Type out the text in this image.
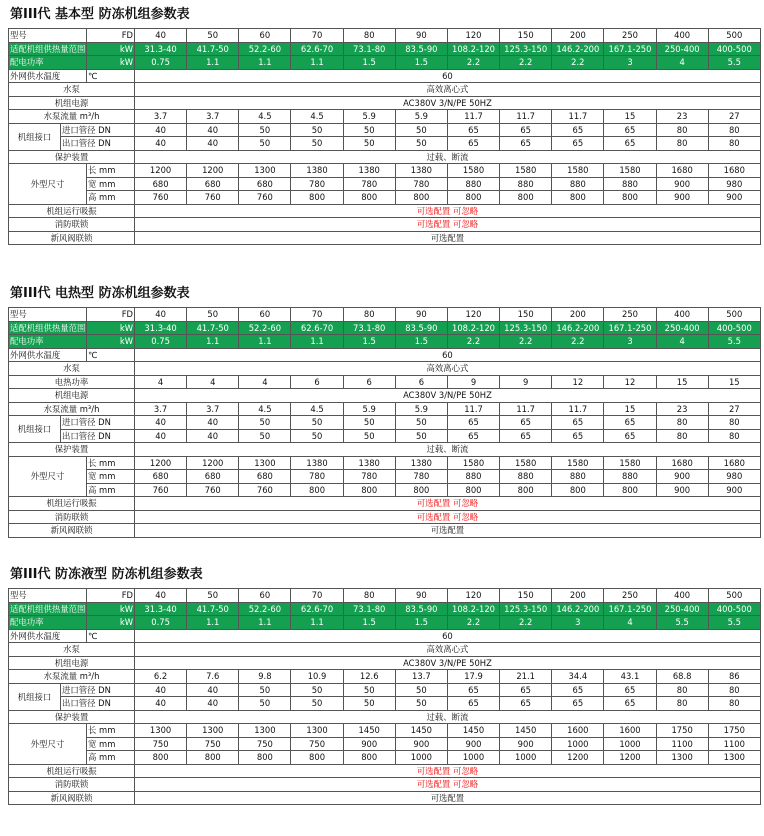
第III代 基本型 防冻机组参数表
型号		FD	40	50	60	70	80	90	120	150	200	250	400	500
适配机组供热量范围		kW	31.3-40	41.7-50	52.2-60	62.6-70	73.1-80	83.5-90	108.2-120	125.3-150	146.2-200	167.1-250	250-400	400-500
配电功率		kW	0.75	1.1	1.1	1.1	1.5	1.5	2.2	2.2	2.2	3	4	5.5
外网供水温度		℃	60											
水泵			高效离心式											
机组电源			AC380V 3/N/PE 50HZ											
水泵流量 m³/h			3.7	3.7	4.5	4.5	5.9	5.9	11.7	11.7	11.7	15	23	27
机组接口	进口管径 DN		40	40	50	50	50	50	65	65	65	65	80	80
	出口管径 DN		40	40	50	50	50	50	65	65	65	65	80	80
保护装置			过载、断流											
外型尺寸		长 mm	1200	1200	1300	1380	1380	1380	1580	1580	1580	1580	1680	1680
		宽 mm	680	680	680	780	780	780	880	880	880	880	900	980
		高 mm	760	760	760	800	800	800	800	800	800	800	900	900
机组运行吸振			可选配置 可忽略											
消防联锁			可选配置 可忽略											
新风阀联锁			可选配置											
第III代 电热型 防冻机组参数表
型号		FD	40	50	60	70	80	90	120	150	200	250	400	500
适配机组供热量范围		kW	31.3-40	41.7-50	52.2-60	62.6-70	73.1-80	83.5-90	108.2-120	125.3-150	146.2-200	167.1-250	250-400	400-500
配电功率		kW	0.75	1.1	1.1	1.1	1.5	1.5	2.2	2.2	2.2	3	4	5.5
外网供水温度		℃	60											
水泵			高效离心式											
电热功率			4	4	4	6	6	6	9	9	12	12	15	15
机组电源			AC380V 3/N/PE 50HZ											
水泵流量 m³/h			3.7	3.7	4.5	4.5	5.9	5.9	11.7	11.7	11.7	15	23	27
机组接口	进口管径 DN		40	40	50	50	50	50	65	65	65	65	80	80
	出口管径 DN		40	40	50	50	50	50	65	65	65	65	80	80
保护装置			过载、断流											
外型尺寸		长 mm	1200	1200	1300	1380	1380	1380	1580	1580	1580	1580	1680	1680
		宽 mm	680	680	680	780	780	780	880	880	880	880	900	980
		高 mm	760	760	760	800	800	800	800	800	800	800	900	900
机组运行吸振			可选配置 可忽略											
消防联锁			可选配置 可忽略											
新风阀联锁			可选配置											
第III代 防冻液型 防冻机组参数表
型号		FD	40	50	60	70	80	90	120	150	200	250	400	500
适配机组供热量范围		kW	31.3-40	41.7-50	52.2-60	62.6-70	73.1-80	83.5-90	108.2-120	125.3-150	146.2-200	167.1-250	250-400	400-500
配电功率		kW	0.75	1.1	1.1	1.1	1.5	1.5	2.2	2.2	3	4	5.5	5.5
外网供水温度		℃	60											
水泵			高效离心式											
机组电源			AC380V 3/N/PE 50HZ											
水泵流量 m³/h			6.2	7.6	9.8	10.9	12.6	13.7	17.9	21.1	34.4	43.1	68.8	86
机组接口	进口管径 DN		40	40	50	50	50	50	65	65	65	65	80	80
	出口管径 DN		40	40	50	50	50	50	65	65	65	65	80	80
保护装置			过载、断流											
外型尺寸		长 mm	1300	1300	1300	1300	1450	1450	1450	1450	1600	1600	1750	1750
		宽 mm	750	750	750	750	900	900	900	900	1000	1000	1100	1100
		高 mm	800	800	800	800	800	1000	1000	1000	1200	1200	1300	1300
机组运行吸振			可选配置 可忽略											
消防联锁			可选配置 可忽略											
新风阀联锁			可选配置											
